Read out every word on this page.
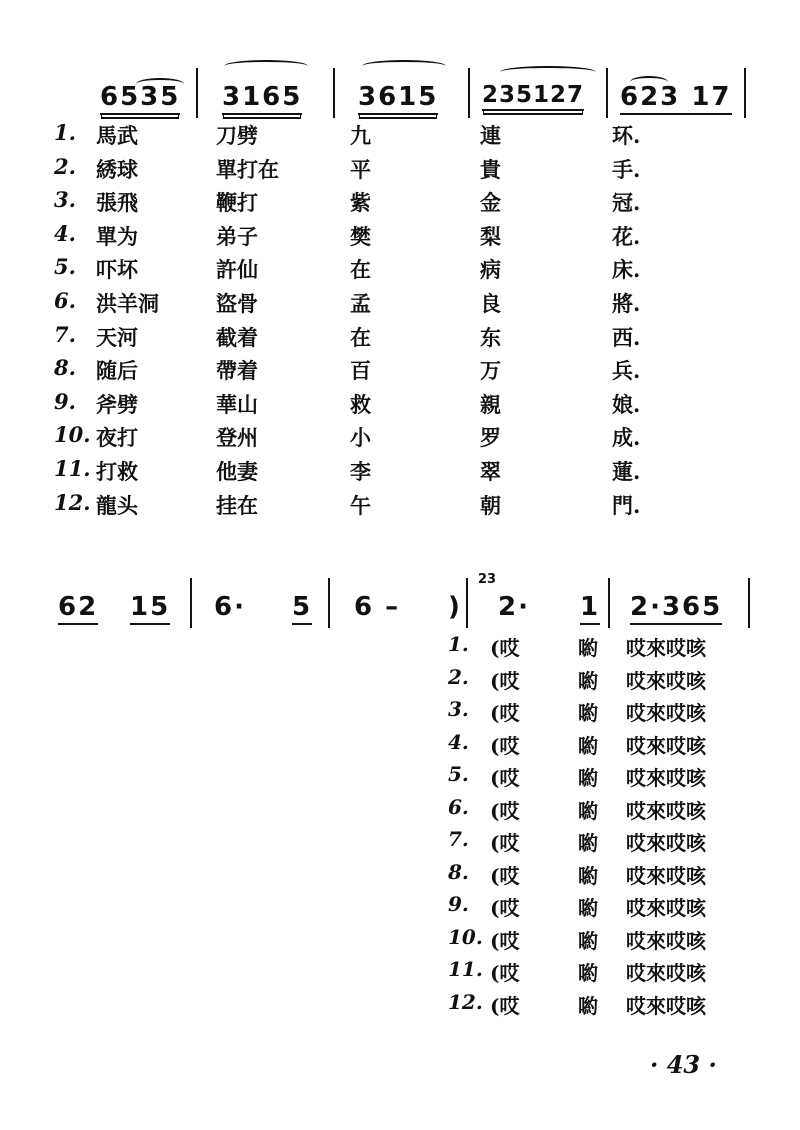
6535 3165 3615 235127 623 17
1. 馬武	刀劈	九	連	环.
2. 綉球	單打在	平	貴	手.
3. 張飛	鞭打	紫	金	冠.
4. 單为	弟子	樊	梨	花.
5. 吓坏	許仙	在	病	床.
6. 洪羊洞	盜骨	孟	良	將.
7. 天河	截着	在	东	西.
8. 随后	帶着	百	万	兵.
9. 斧劈	華山	救	親	娘.
10. 夜打	登州	小	罗	成.
11. 打救	他妻	李	翠	蓮.
12. 龍头	挂在	午	朝	門.
62 15 6· 5 6 – )
23
2· 1 2·365
1. (哎	喲 哎來哎咳
2. (哎	喲 哎來哎咳
3. (哎	喲 哎來哎咳
4. (哎	喲 哎來哎咳
5. (哎	喲 哎來哎咳
6. (哎	喲 哎來哎咳
7. (哎	喲 哎來哎咳
8. (哎	喲 哎來哎咳
9. (哎	喲 哎來哎咳
10. (哎	喲 哎來哎咳
11. (哎	喲 哎來哎咳
12. (哎	喲 哎來哎咳
· 43 ·
